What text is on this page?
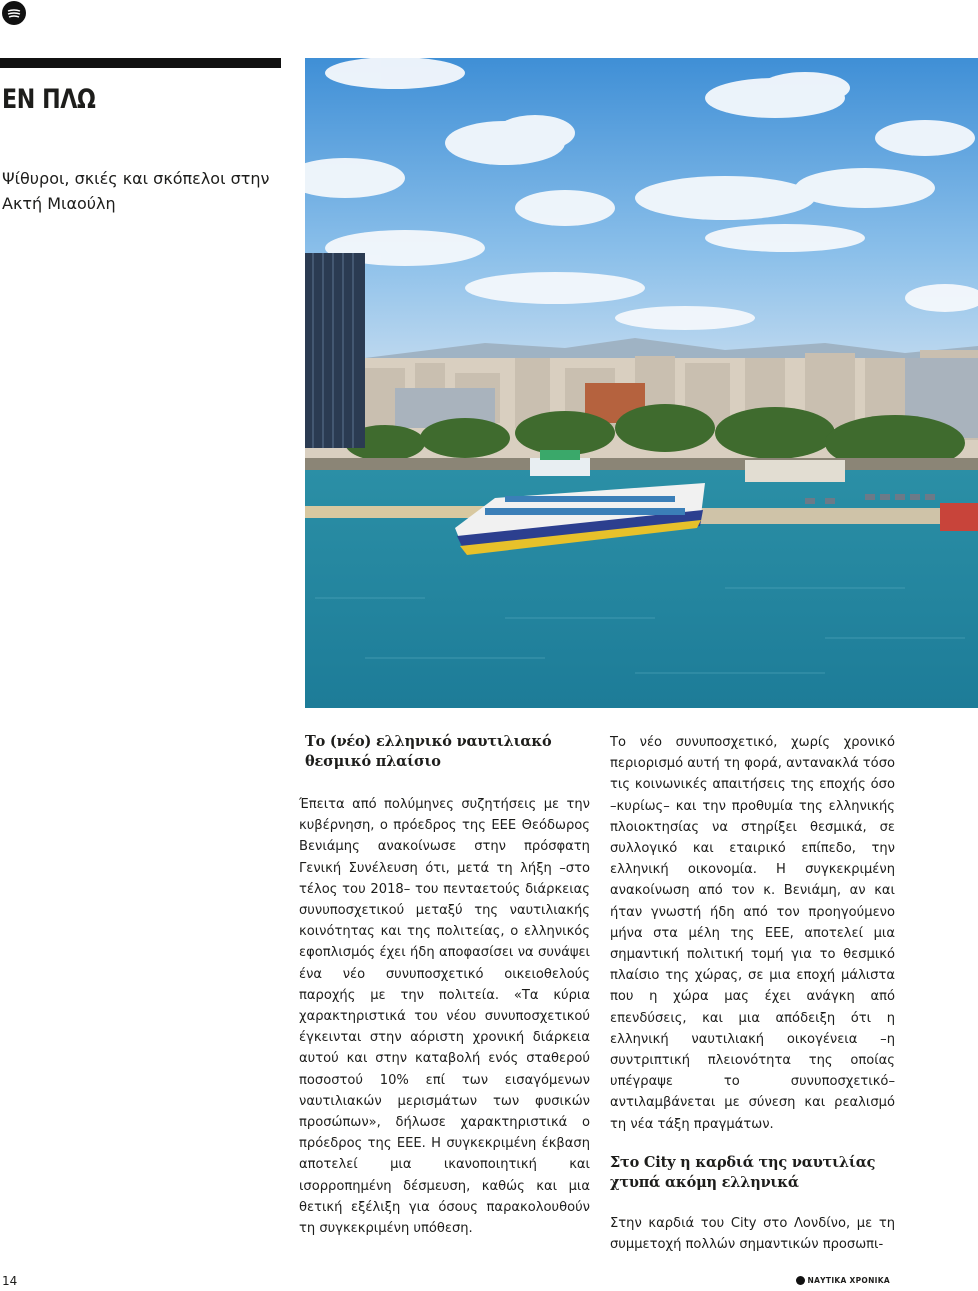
ΕΝ ΠΛΩ
Ψίθυροι, σκιές και σκόπελοι στην Ακτή Μιαούλη
Το (νέο) ελληνικό ναυτιλιακό θεσμικό πλαίσιο

Έπειτα από πολύμηνες συζητήσεις με την κυβέρνηση, ο πρόεδρος της ΕΕΕ Θεόδωρος Βενιάμης ανακοίνωσε στην πρόσφατη Γενική Συνέλευση ότι, μετά τη λήξη –στο τέλος του 2018– του πενταετούς διάρκειας συνυποσχετικού μεταξύ της ναυτιλιακής κοινότητας και της πολιτείας, ο ελληνικός εφοπλισμός έχει ήδη αποφασίσει να συνάψει ένα νέο συνυποσχετικό οικειοθελούς παροχής με την πολιτεία. «Τα κύρια χαρακτηριστικά του νέου συνυποσχετικού έγκεινται στην αόριστη χρονική διάρκεια αυτού και στην καταβολή ενός σταθερού ποσοστού 10% επί των εισαγόμενων ναυτιλιακών μερισμάτων των φυσικών προσώπων», δήλωσε χαρακτηριστικά ο πρόεδρος της ΕΕΕ. Η συγκεκριμένη έκβαση αποτελεί μια ικανοποιητική και ισορροπημένη δέσμευση, καθώς και μια θετική εξέλιξη για όσους παρακολουθούν τη συγκεκριμένη υπόθεση.

Το νέο συνυποσχετικό, χωρίς χρονικό περιορισμό αυτή τη φορά, αντανακλά τόσο τις κοινωνικές απαιτήσεις της εποχής όσο –κυρίως– και την προθυμία της ελληνικής πλοιοκτησίας να στηρίξει θεσμικά, σε συλλογικό και εταιρικό επίπεδο, την ελληνική οικονομία. Η συγκεκριμένη ανακοίνωση από τον κ. Βενιάμη, αν και ήταν γνωστή ήδη από τον προηγούμενο μήνα στα μέλη της ΕΕΕ, αποτελεί μια σημαντική πολιτική τομή για το θεσμικό πλαίσιο της χώρας, σε μια εποχή μάλιστα που η χώρα μας έχει ανάγκη από επενδύσεις, και μια απόδειξη ότι η ελληνική ναυτιλιακή οικογένεια –η συντριπτική πλειονότητα της οποίας υπέγραψε το συνυποσχετικό– αντιλαμβάνεται με σύνεση και ρεαλισμό τη νέα τάξη πραγμάτων.

Στο City η καρδιά της ναυτιλίας χτυπά ακόμη ελληνικά

Στην καρδιά του City στο Λονδίνο, με τη συμμετοχή πολλών σημαντικών προσωπι-

14	ΝΑΥΤΙΚΑ ΧΡΟΝΙΚΑ
